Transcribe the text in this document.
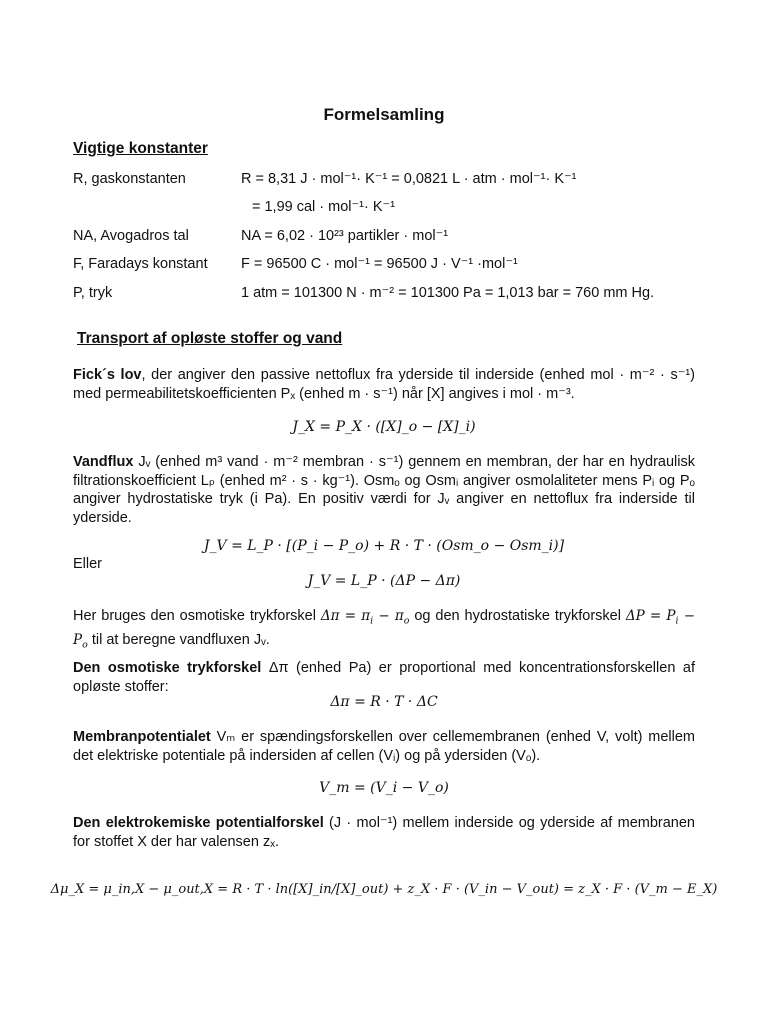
Formelsamling
Vigtige konstanter
R, gaskonstanten	R = 8,31 J · mol⁻¹· K⁻¹ = 0,0821 L · atm · mol⁻¹· K⁻¹
= 1,99 cal · mol⁻¹· K⁻¹
NA, Avogadros tal	NA = 6,02 · 10²³ partikler · mol⁻¹
F, Faradays konstant F = 96500 C · mol⁻¹ = 96500 J · V⁻¹ ·mol⁻¹
P, tryk	1 atm = 101300 N · m⁻² = 101300 Pa = 1,013 bar = 760 mm Hg.
Transport af opløste stoffer og vand
Fick´s lov, der angiver den passive nettoflux fra yderside til inderside (enhed mol · m⁻² · s⁻¹) med permeabilitetskoefficienten Pₓ (enhed m · s⁻¹) når [X] angives i mol · m⁻³.
J_X = P_X · ([X]_o − [X]_i)
Vandflux Jᵥ (enhed m³ vand · m⁻² membran · s⁻¹) gennem en membran, der har en hydraulisk filtrationskoefficient Lₚ (enhed m² · s · kg⁻¹). Osmₒ og Osmᵢ angiver osmolaliteter mens Pᵢ og Pₒ angiver hydrostatiske tryk (i Pa). En positiv værdi for Jᵥ angiver en nettoflux fra inderside til yderside.
J_V = L_P · [(P_i − P_o) + R · T · (Osm_o − Osm_i)]
Eller
J_V = L_P · (ΔP − Δπ)
Her bruges den osmotiske trykforskel $\Delta\pi = \pi_i - \pi_o$ og den hydrostatiske trykforskel $\Delta P = P_i - P_o$ til at beregne vandfluxen Jᵥ.
Den osmotiske trykforskel Δπ (enhed Pa) er proportional med koncentrationsforskellen af opløste stoffer:
Δπ = R · T · ΔC
Membranpotentialet Vₘ er spændingsforskellen over cellemembranen (enhed V, volt) mellem det elektriske potentiale på indersiden af cellen (Vᵢ) og på ydersiden (Vₒ).
V_m = (V_i − V_o)
Den elektrokemiske potentialforskel (J · mol⁻¹) mellem inderside og yderside af membranen for stoffet X der har valensen zₓ.
Δμ_X = μ_in,X − μ_out,X = R · T · ln([X]_in/[X]_out) + z_X · F · (V_in − V_out) = z_X · F · (V_m − E_X)
